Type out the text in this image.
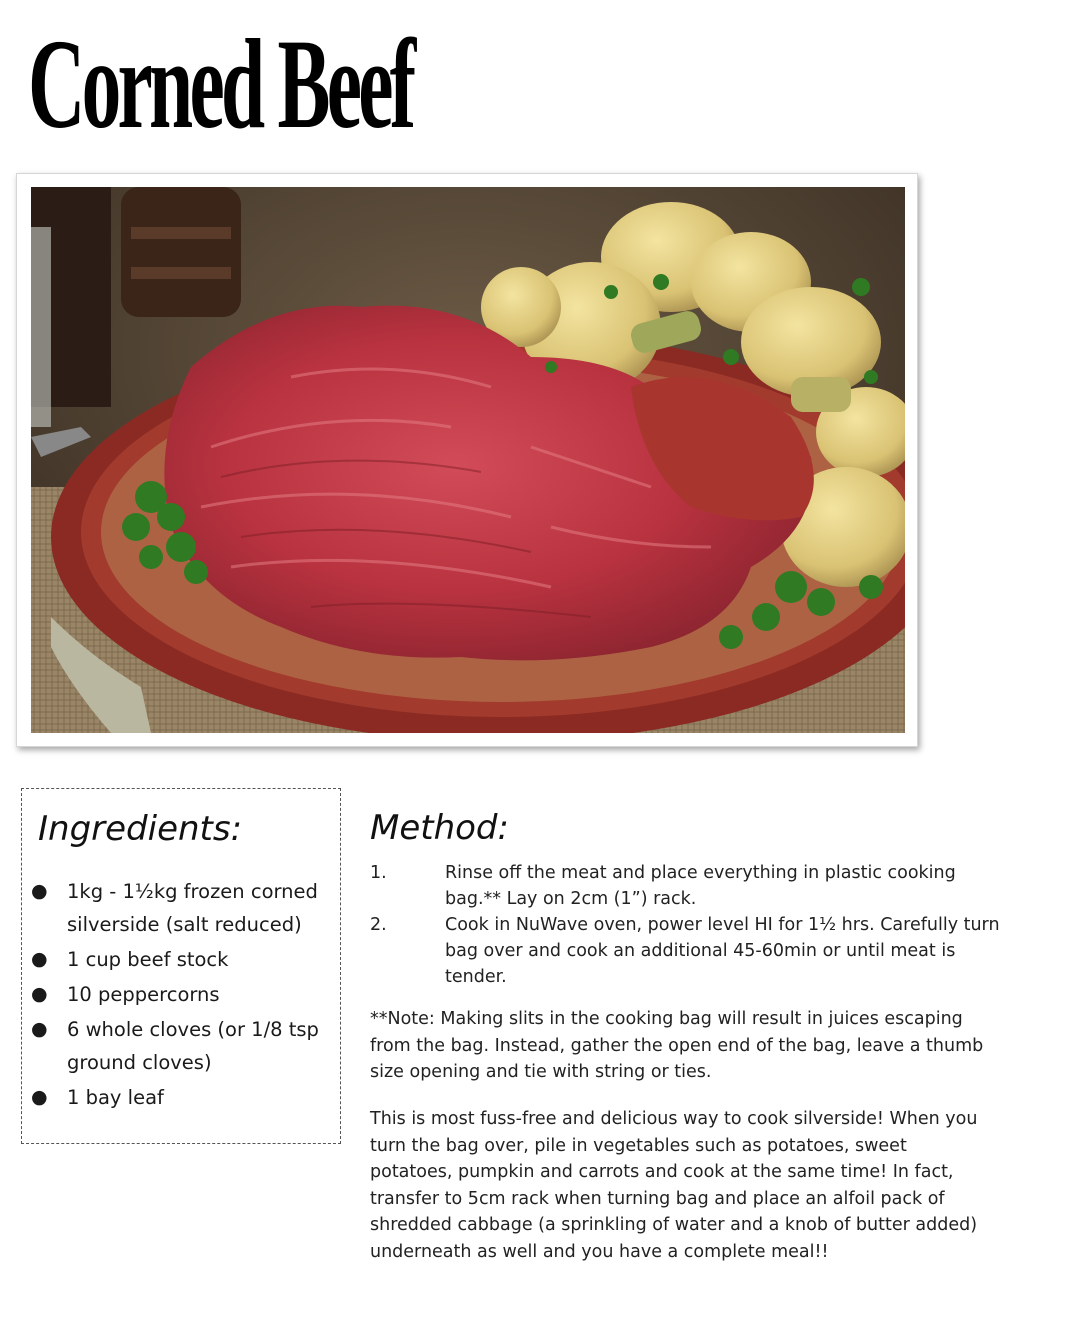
Corned Beef
Ingredients:
● 1kg - 1½kg frozen corned silverside (salt reduced)
● 1 cup beef stock
● 10 peppercorns
● 6 whole cloves (or 1/8 tsp ground cloves)
● 1 bay leaf
Method:
1.	Rinse off the meat and place everything in plastic cooking bag.** Lay on 2cm (1”) rack.
2.	Cook in NuWave oven, power level HI for 1½ hrs. Carefully turn bag over and cook an additional 45-60min or until meat is tender.

**Note: Making slits in the cooking bag will result in juices escaping from the bag. Instead, gather the open end of the bag, leave a thumb size opening and tie with string or ties.

This is most fuss-free and delicious way to cook silverside! When you turn the bag over, pile in vegetables such as potatoes, sweet potatoes, pumpkin and carrots and cook at the same time! In fact, transfer to 5cm rack when turning bag and place an alfoil pack of shredded cabbage (a sprinkling of water and a knob of butter added) underneath as well and you have a complete meal!!
